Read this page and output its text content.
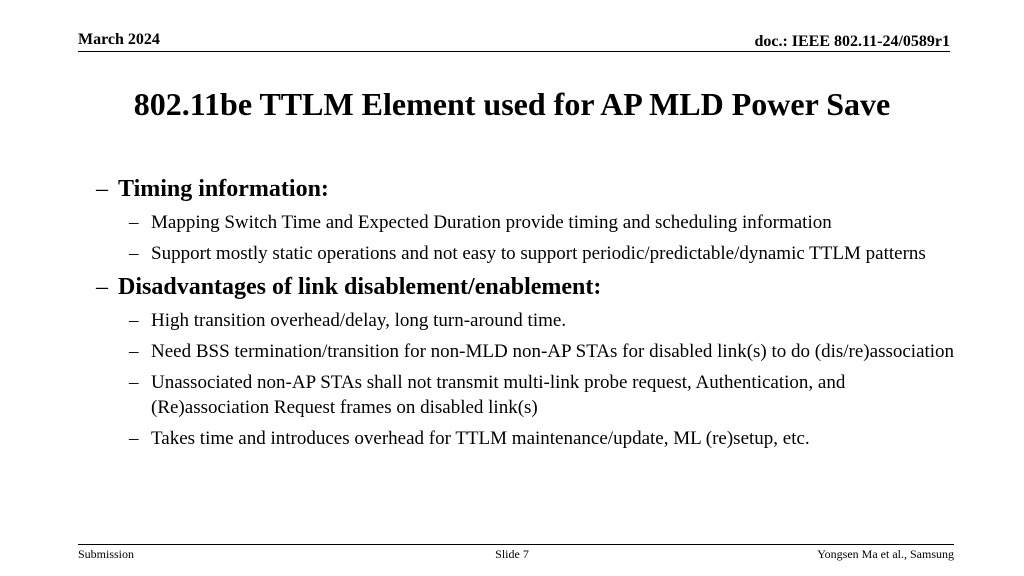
March 2024	doc.: IEEE 802.11-24/0589r1
802.11be TTLM Element used for AP MLD Power Save
– Timing information:
– Mapping Switch Time and Expected Duration provide timing and scheduling information
– Support mostly static operations and not easy to support periodic/predictable/dynamic TTLM patterns
– Disadvantages of link disablement/enablement:
– High transition overhead/delay, long turn-around time.
– Need BSS termination/transition for non-MLD non-AP STAs for disabled link(s) to do (dis/re)association
– Unassociated non-AP STAs shall not transmit multi-link probe request, Authentication, and (Re)association Request frames on disabled link(s)
– Takes time and introduces overhead for TTLM maintenance/update, ML (re)setup, etc.
Submission	Slide 7	Yongsen Ma et al., Samsung
